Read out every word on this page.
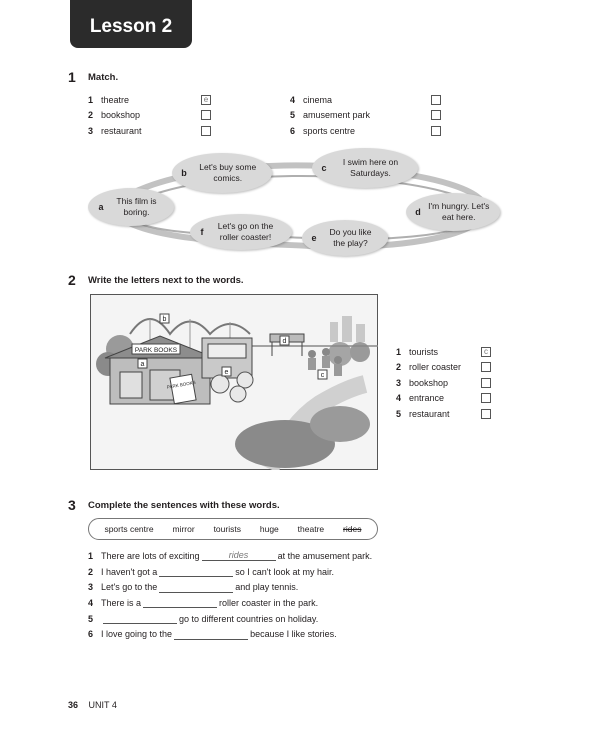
Lesson 2
1 Match.
1 theatre	e
2 bookshop
3 restaurant
4 cinema
5 amusement park
6 sports centre
a
This film is boring.
b
Let's buy some comics.
c
I swim here on Saturdays.
d
I'm hungry. Let's eat here.
e
Do you like the play?
f
Let's go on the roller coaster!
2 Write the letters next to the words.
PARK BOOKS
PARK BOOKS
a
b
c
d
e
1 tourists	c
2 roller coaster
3 bookshop
4 entrance
5 restaurant
3 Complete the sentences with these words.
sports centre mirror tourists huge theatre rides
1 There are lots of exciting	rides	at the amusement park.
2 I haven't got a	so I can't look at my hair.
3 Let's go to the	and play tennis.
4 There is a	roller coaster in the park.
5	go to different countries on holiday.
6 I love going to the	because I like stories.
36 UNIT 4
